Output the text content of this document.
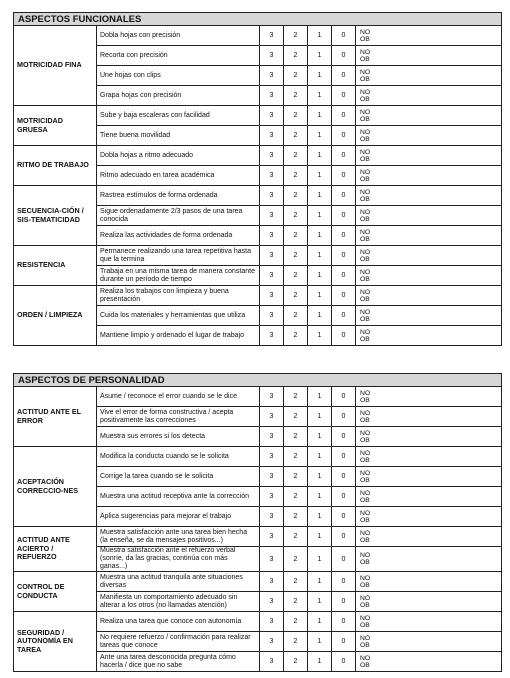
ASPECTOS FUNCIONALES						
MOTRICIDAD FINA	Dobla hojas con precisión	3	2	1	0	NO
OB

	Recorta con precisión	3	2	1	0	NO
OB

	Une hojas con clips	3	2	1	0	NO
OB

	Grapa hojas con precisión	3	2	1	0	NO
OB

MOTRICIDAD GRUESA	Sube y baja escaleras con facilidad	3	2	1	0	NO
OB

	Tiene buena movilidad	3	2	1	0	NO
OB

RITMO DE TRABAJO	Dobla hojas a ritmo adecuado	3	2	1	0	NO
OB

	Ritmo adecuado en tarea académica	3	2	1	0	NO
OB

SECUENCIA-CIÓN / SIS-TEMATICIDAD	Rastrea estímulos de forma ordenada	3	2	1	0	NO
OB

	Sigue ordenadamente 2/3 pasos de una tarea conocida	3	2	1	0	NO
OB

	Realiza las actividades de forma ordenada	3	2	1	0	NO
OB

RESISTENCIA	Permanece realizando una tarea repetitiva hasta que la termina	3	2	1	0	NO
OB

	Trabaja en una misma tarea de manera constante durante un período de tiempo	3	2	1	0	NO
OB

ORDEN / LIMPIEZA	Realiza los trabajos con limpieza y buena presentación	3	2	1	0	NO
OB

	Cuida los materiales y herramientas que utiliza	3	2	1	0	NO
OB

	Mantiene limpio y ordenado el lugar de trabajo	3	2	1	0	NO
OB
ASPECTOS DE PERSONALIDAD						
ACTITUD ANTE EL ERROR	Asume / reconoce el error cuando se le dice	3	2	1	0	NO
OB

	Vive el error de forma constructiva / acepta positivamente las correcciones	3	2	1	0	NO
OB

	Muestra sus errores si los detecta	3	2	1	0	NO
OB

ACEPTACIÓN CORRECCIO-NES	Modifica la conducta cuando se le solicita	3	2	1	0	NO
OB

	Corrige la tarea cuando se le solicita	3	2	1	0	NO
OB

	Muestra una actitud receptiva ante la corrección	3	2	1	0	NO
OB

	Aplica sugerencias para mejorar el trabajo	3	2	1	0	NO
OB

ACTITUD ANTE ACIERTO / REFUERZO	Muestra satisfacción ante una tarea bien hecha (la enseña, se da mensajes positivos...)	3	2	1	0	NO
OB

	Muestra satisfacción ante el refuerzo verbal (sonríe, da las gracias, continúa con más ganas...)	3	2	1	0	NO
OB

CONTROL DE CONDUCTA	Muestra una actitud tranquila ante situaciones diversas	3	2	1	0	NO
OB

	Manifiesta un comportamiento adecuado sin alterar a los otros (no llamadas atención)	3	2	1	0	NO
OB

SEGURIDAD / AUTONOMÍA EN TAREA	Realiza una tarea que conoce con autonomía	3	2	1	0	NO
OB

	No requiere refuerzo / confirmación para realizar tareas que conoce	3	2	1	0	NO
OB

	Ante una tarea desconocida pregunta cómo hacerla / dice que no sabe	3	2	1	0	NO
OB
